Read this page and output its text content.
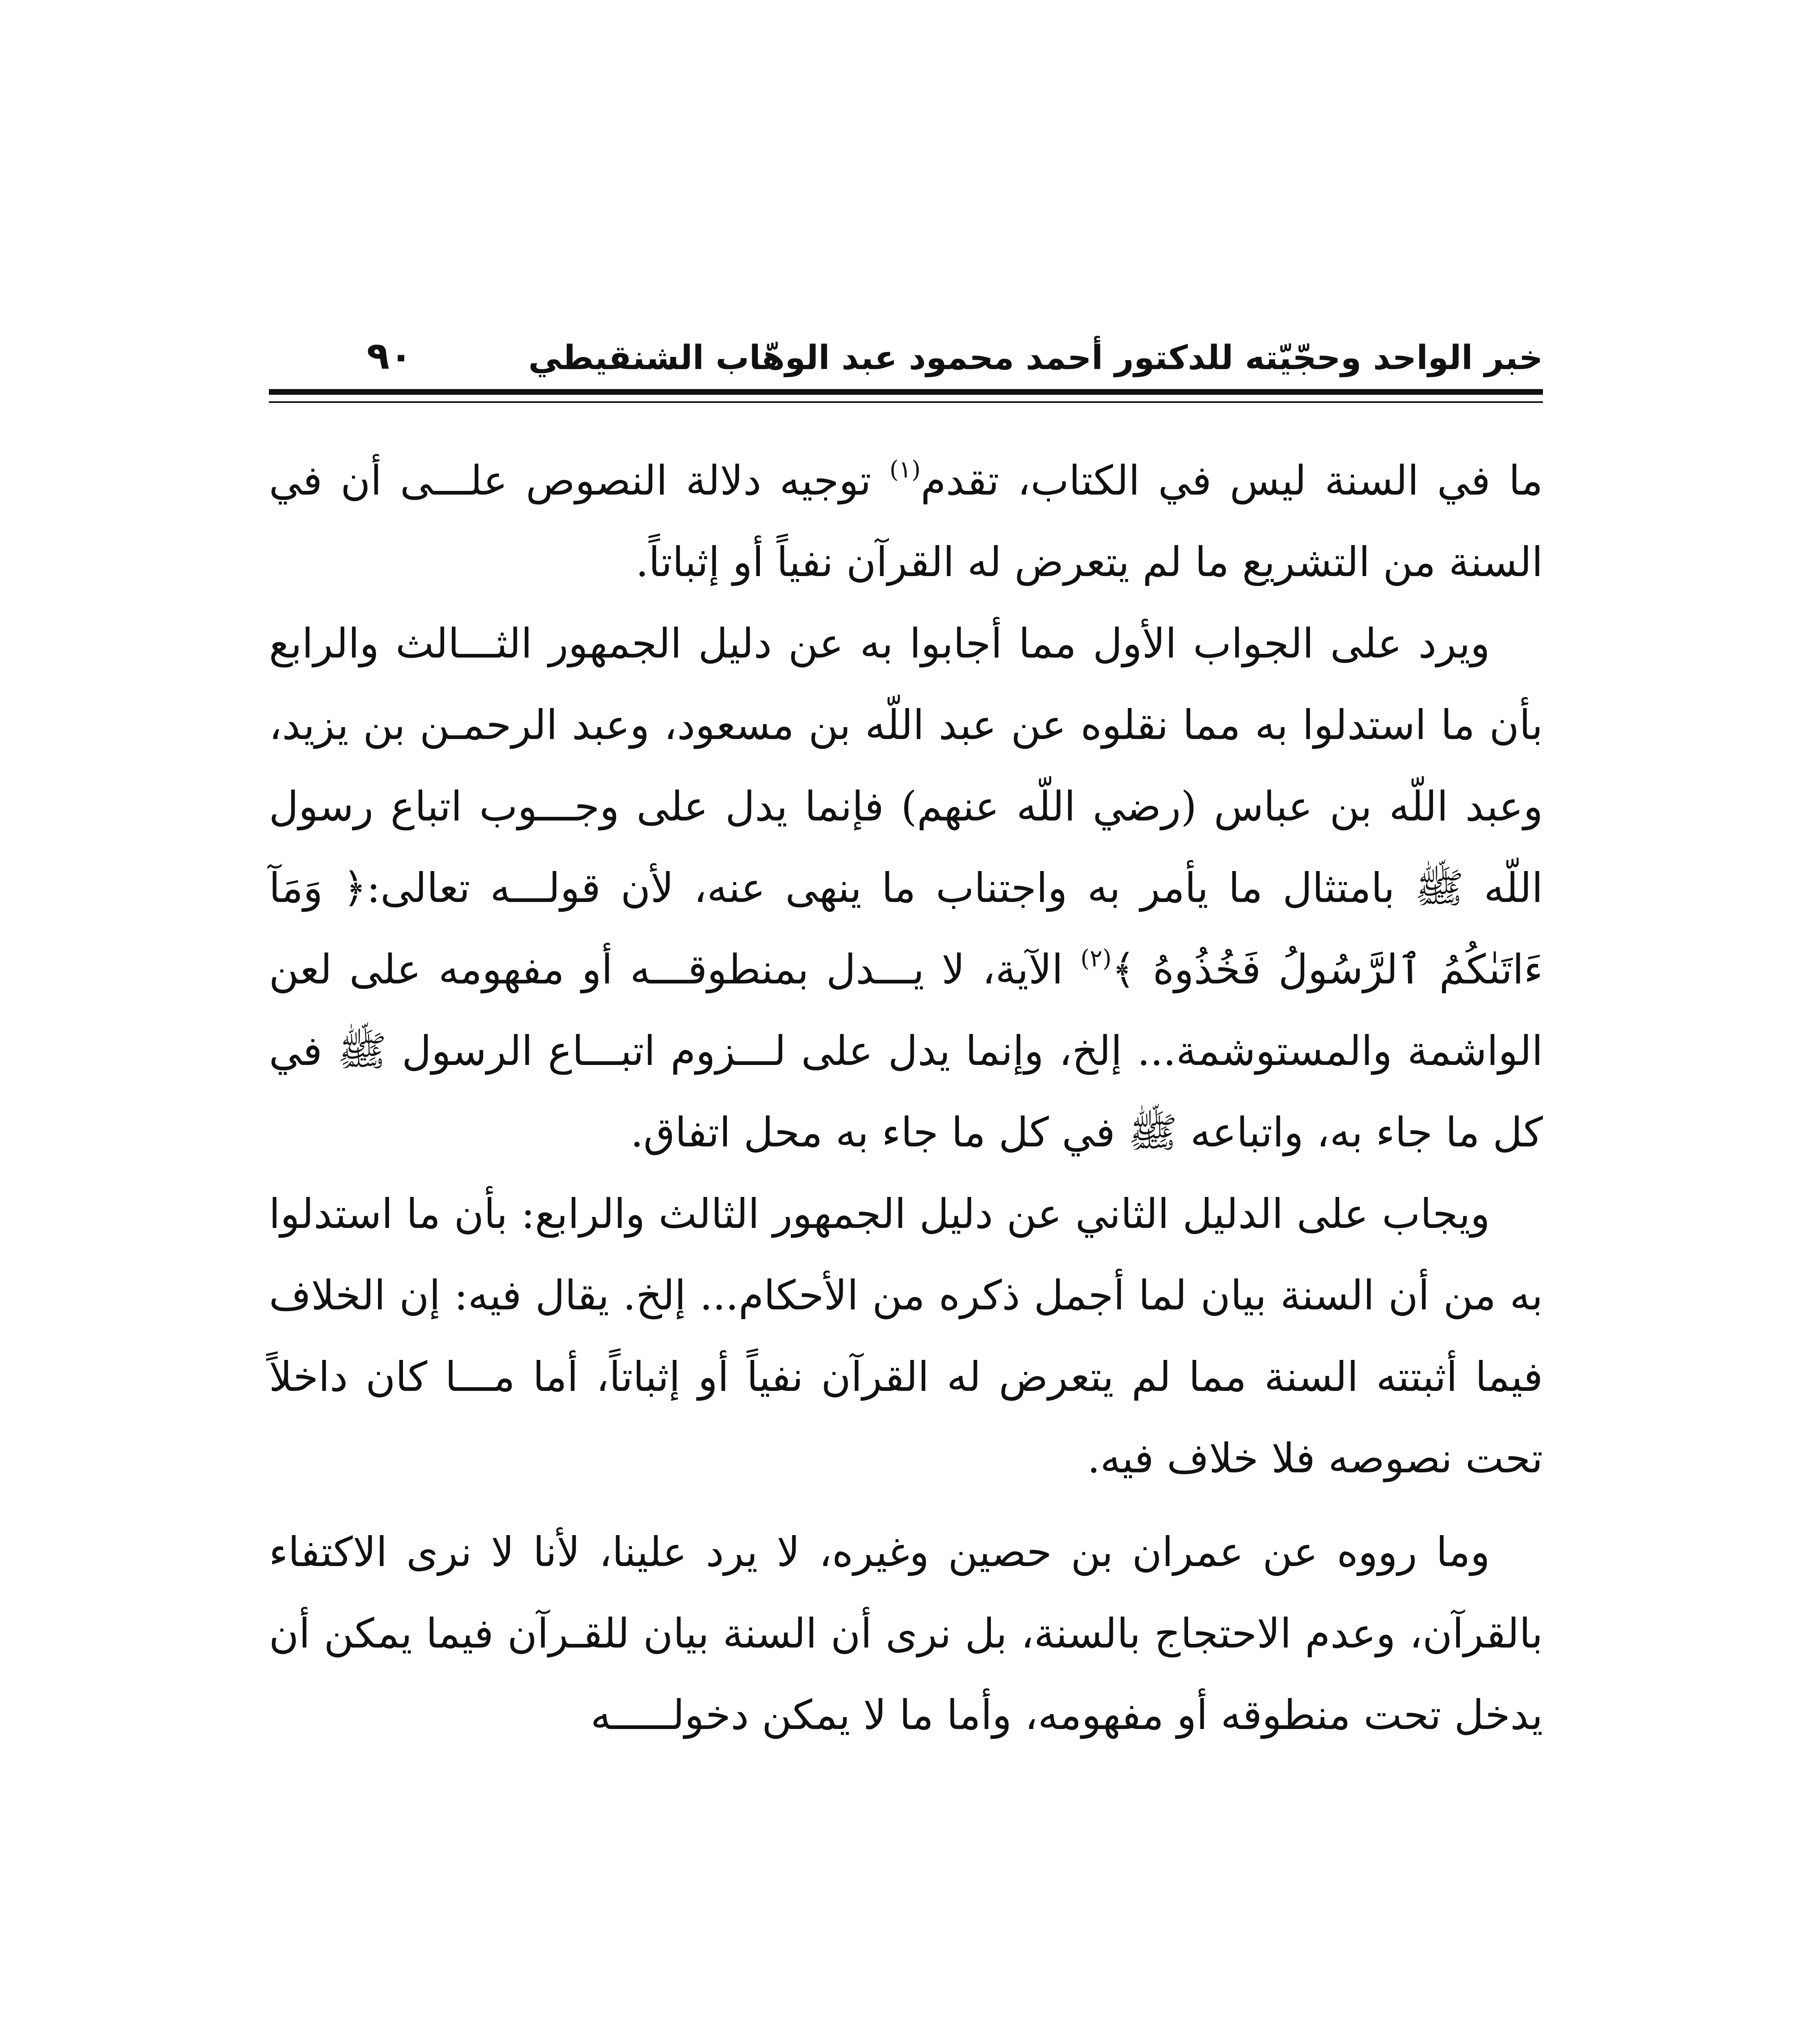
خبر الواحد وحجّيّته للدكتور أحمد محمود عبد الوهّاب الشنقيطي
٩٠

ما في السنة ليس في الكتاب، تقدم$^{(١)}$ توجيه دلالة النصوص علـــى أن في السنة من التشريع ما لم يتعرض له القرآن نفياً أو إثباتاً.

ويرد على الجواب الأول مما أجابوا به عن دليل الجمهور الثـــالث والرابع بأن ما استدلوا به مما نقلوه عن عبد اللّه بن مسعود، وعبد الرحمـن بن يزيد، وعبد اللّه بن عباس (رضي اللّه عنهم) فإنما يدل على وجـــوب اتباع رسول اللّه ﷺ بامتثال ما يأمر به واجتناب ما ينهى عنه، لأن قولـــه تعالى:﴿ وَمَآ ءَاتَىٰكُمُ ٱلرَّسُولُ فَخُذُوهُ ﴾$^{(٢)}$ الآية، لا يـــدل بمنطوقـــه أو مفهومه على لعن الواشمة والمستوشمة... إلخ، وإنما يدل على لـــزوم اتبـــاع الرسول ﷺ في كل ما جاء به، واتباعه ﷺ في كل ما جاء به محل اتفاق.

ويجاب على الدليل الثاني عن دليل الجمهور الثالث والرابع: بأن ما استدلوا به من أن السنة بيان لما أجمل ذكره من الأحكام... إلخ. يقال فيه: إن الخلاف فيما أثبتته السنة مما لم يتعرض له القرآن نفياً أو إثباتاً، أما مـــا كان داخلاً تحت نصوصه فلا خلاف فيه.

وما رووه عن عمران بن حصين وغيره، لا يرد علينا، لأنا لا نرى الاكتفاء بالقرآن، وعدم الاحتجاج بالسنة، بل نرى أن السنة بيان للقـرآن فيما يمكن أن يدخل تحت منطوقه أو مفهومه، وأما ما لا يمكن دخولـــــه
